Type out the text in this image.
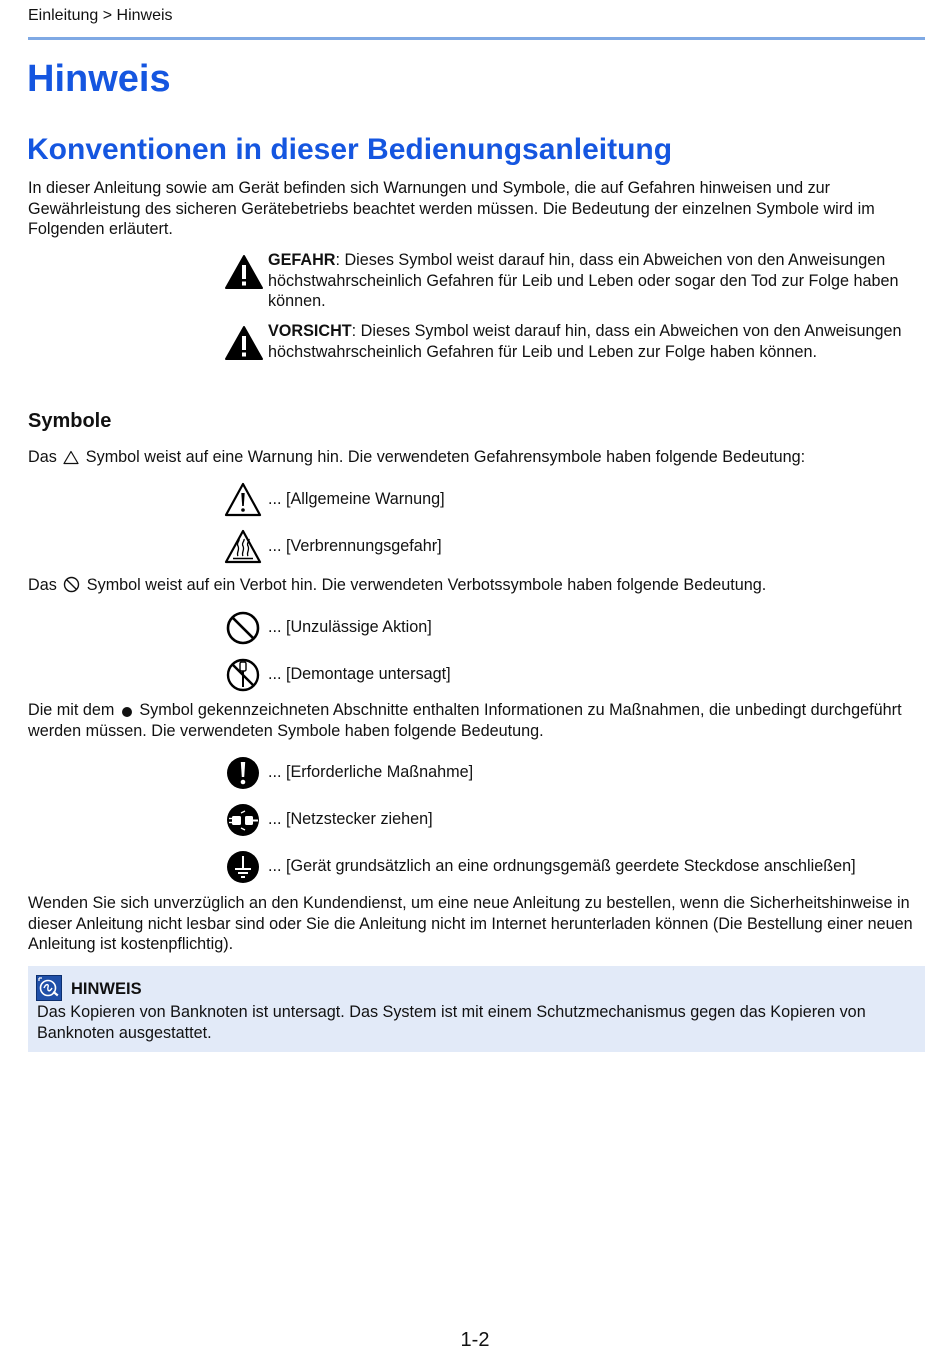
Einleitung > Hinweis
Hinweis
Konventionen in dieser Bedienungsanleitung
In dieser Anleitung sowie am Gerät befinden sich Warnungen und Symbole, die auf Gefahren hinweisen und zur Gewährleistung des sicheren Gerätebetriebs beachtet werden müssen. Die Bedeutung der einzelnen Symbole wird im Folgenden erläutert.
GEFAHR: Dieses Symbol weist darauf hin, dass ein Abweichen von den Anweisungen höchstwahrscheinlich Gefahren für Leib und Leben oder sogar den Tod zur Folge haben können.
VORSICHT: Dieses Symbol weist darauf hin, dass ein Abweichen von den Anweisungen höchstwahrscheinlich Gefahren für Leib und Leben zur Folge haben können.
Symbole
Das Symbol weist auf eine Warnung hin. Die verwendeten Gefahrensymbole haben folgende Bedeutung:
... [Allgemeine Warnung]
... [Verbrennungsgefahr]
Das Symbol weist auf ein Verbot hin. Die verwendeten Verbotssymbole haben folgende Bedeutung.
... [Unzulässige Aktion]
... [Demontage untersagt]
Die mit dem Symbol gekennzeichneten Abschnitte enthalten Informationen zu Maßnahmen, die unbedingt durchgeführt werden müssen. Die verwendeten Symbole haben folgende Bedeutung.
... [Erforderliche Maßnahme]
... [Netzstecker ziehen]
... [Gerät grundsätzlich an eine ordnungsgemäß geerdete Steckdose anschließen]
Wenden Sie sich unverzüglich an den Kundendienst, um eine neue Anleitung zu bestellen, wenn die Sicherheitshinweise in dieser Anleitung nicht lesbar sind oder Sie die Anleitung nicht im Internet herunterladen können (Die Bestellung einer neuen Anleitung ist kostenpflichtig).
HINWEIS
Das Kopieren von Banknoten ist untersagt. Das System ist mit einem Schutzmechanismus gegen das Kopieren von Banknoten ausgestattet.
1-2
